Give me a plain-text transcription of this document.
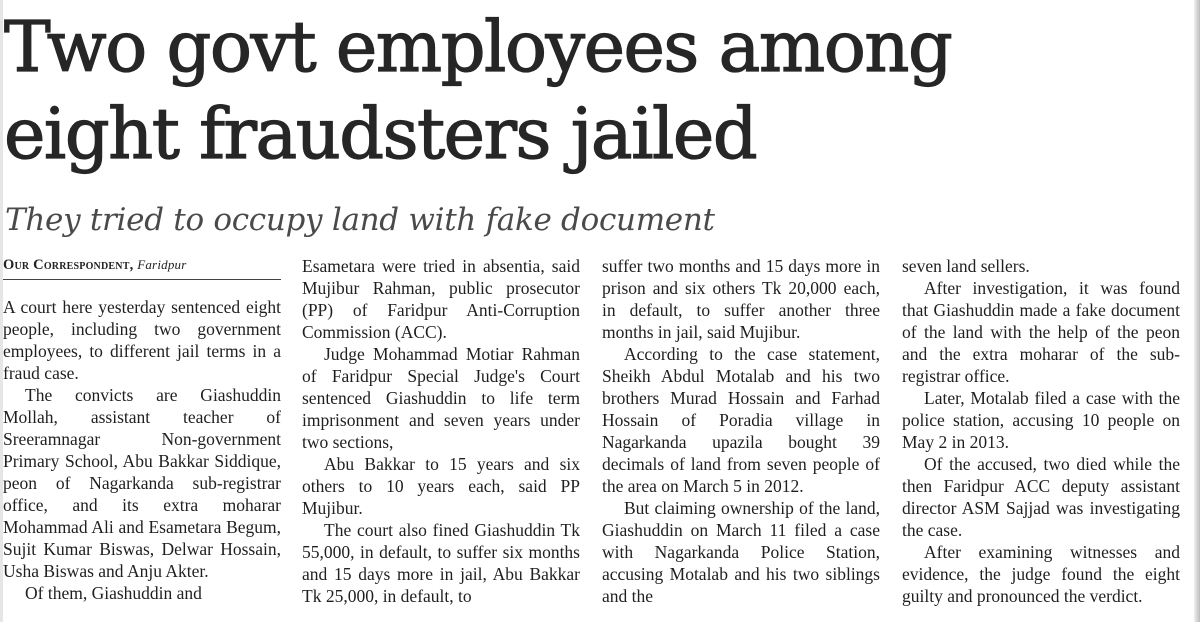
Two govt employees among
eight fraudsters jailed
They tried to occupy land with fake document
Our Correspondent, Faridpur

A court here yesterday sentenced eight people, including two government employees, to different jail terms in a fraud case.

The convicts are Giashuddin Mollah, assistant teacher of Sreeramnagar Non-government Primary School, Abu Bakkar Siddique, peon of Nagarkanda sub-registrar office, and its extra moharar Mohammad Ali and Esametara Begum, Sujit Kumar Biswas, Delwar Hossain, Usha Biswas and Anju Akter.

Of them, Giashuddin and

Esametara were tried in absentia, said Mujibur Rahman, public prosecutor (PP) of Faridpur Anti-Corruption Commission (ACC).

Judge Mohammad Motiar Rahman of Faridpur Special Judge's Court sentenced Giashuddin to life term imprisonment and seven years under two sections,

Abu Bakkar to 15 years and six others to 10 years each, said PP Mujibur.

The court also fined Giashuddin Tk 55,000, in default, to suffer six months and 15 days more in jail, Abu Bakkar Tk 25,000, in default, to

suffer two months and 15 days more in prison and six others Tk 20,000 each, in default, to suffer another three months in jail, said Mujibur.

According to the case statement, Sheikh Abdul Motalab and his two brothers Murad Hossain and Farhad Hossain of Poradia village in Nagarkanda upazila bought 39 decimals of land from seven people of the area on March 5 in 2012.

But claiming ownership of the land, Giashuddin on March 11 filed a case with Nagarkanda Police Station, accusing Motalab and his two siblings and the

seven land sellers.

After investigation, it was found that Giashuddin made a fake document of the land with the help of the peon and the extra moharar of the sub-registrar office.

Later, Motalab filed a case with the police station, accusing 10 people on May 2 in 2013.

Of the accused, two died while the then Faridpur ACC deputy assistant director ASM Sajjad was investigating the case.

After examining witnesses and evidence, the judge found the eight guilty and pronounced the verdict.
